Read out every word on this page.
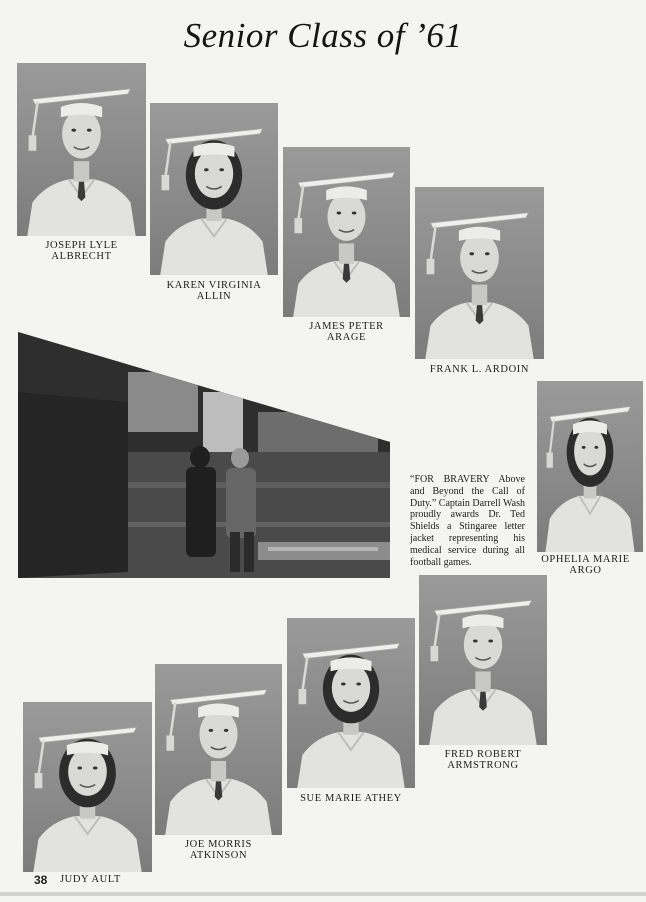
Senior Class of ’61
JOSEPH LYLE
ALBRECHT
KAREN VIRGINIA
ALLIN
JAMES PETER
ARAGE
FRANK L. ARDOIN
OPHELIA MARIE
ARGO
FRED ROBERT
ARMSTRONG
SUE MARIE ATHEY
JOE MORRIS
ATKINSON
JUDY AULT
“FOR BRAVERY Above and Beyond the Call of Duty.” Captain Darrell Wash proudly awards Dr. Ted Shields a Stingaree letter jacket representing his medical service during all football games.
38
